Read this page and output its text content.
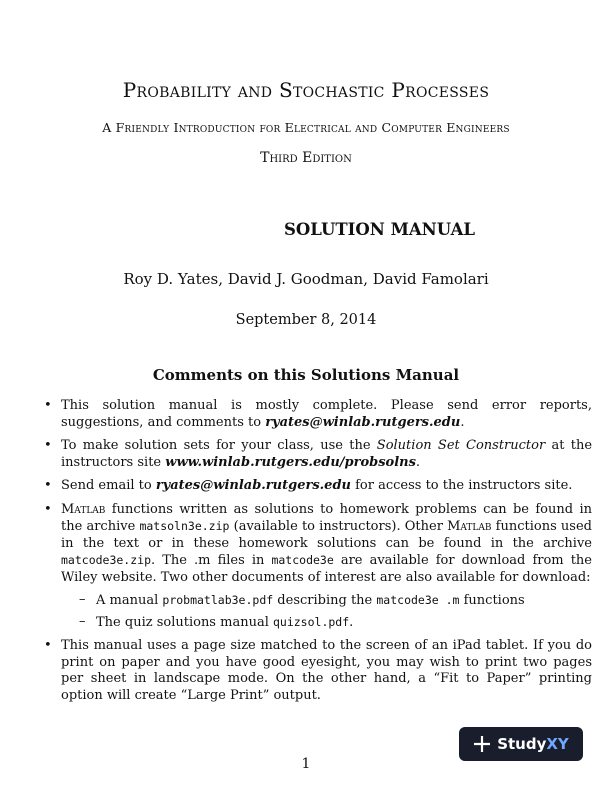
Probability and Stochastic Processes
A Friendly Introduction for Electrical and Computer Engineers
Third Edition
SOLUTION MANUAL
Roy D. Yates, David J. Goodman, David Famolari
September 8, 2014
Comments on this Solutions Manual
• This solution manual is mostly complete. Please send error reports, suggestions, and comments to ryates@winlab.rutgers.edu.
• To make solution sets for your class, use the Solution Set Constructor at the instructors site www.winlab.rutgers.edu/probsolns.
• Send email to ryates@winlab.rutgers.edu for access to the instructors site.
• Matlab functions written as solutions to homework problems can be found in the archive matsoln3e.zip (available to instructors). Other Matlab functions used in the text or in these homework solutions can be found in the archive matcode3e.zip. The .m files in matcode3e are available for download from the Wiley website. Two other documents of interest are also available for download:
– A manual probmatlab3e.pdf describing the matcode3e .m functions
– The quiz solutions manual quizsol.pdf.
• This manual uses a page size matched to the screen of an iPad tablet. If you do print on paper and you have good eyesight, you may wish to print two pages per sheet in landscape mode. On the other hand, a “Fit to Paper” printing option will create “Large Print” output.
Study XY
1
